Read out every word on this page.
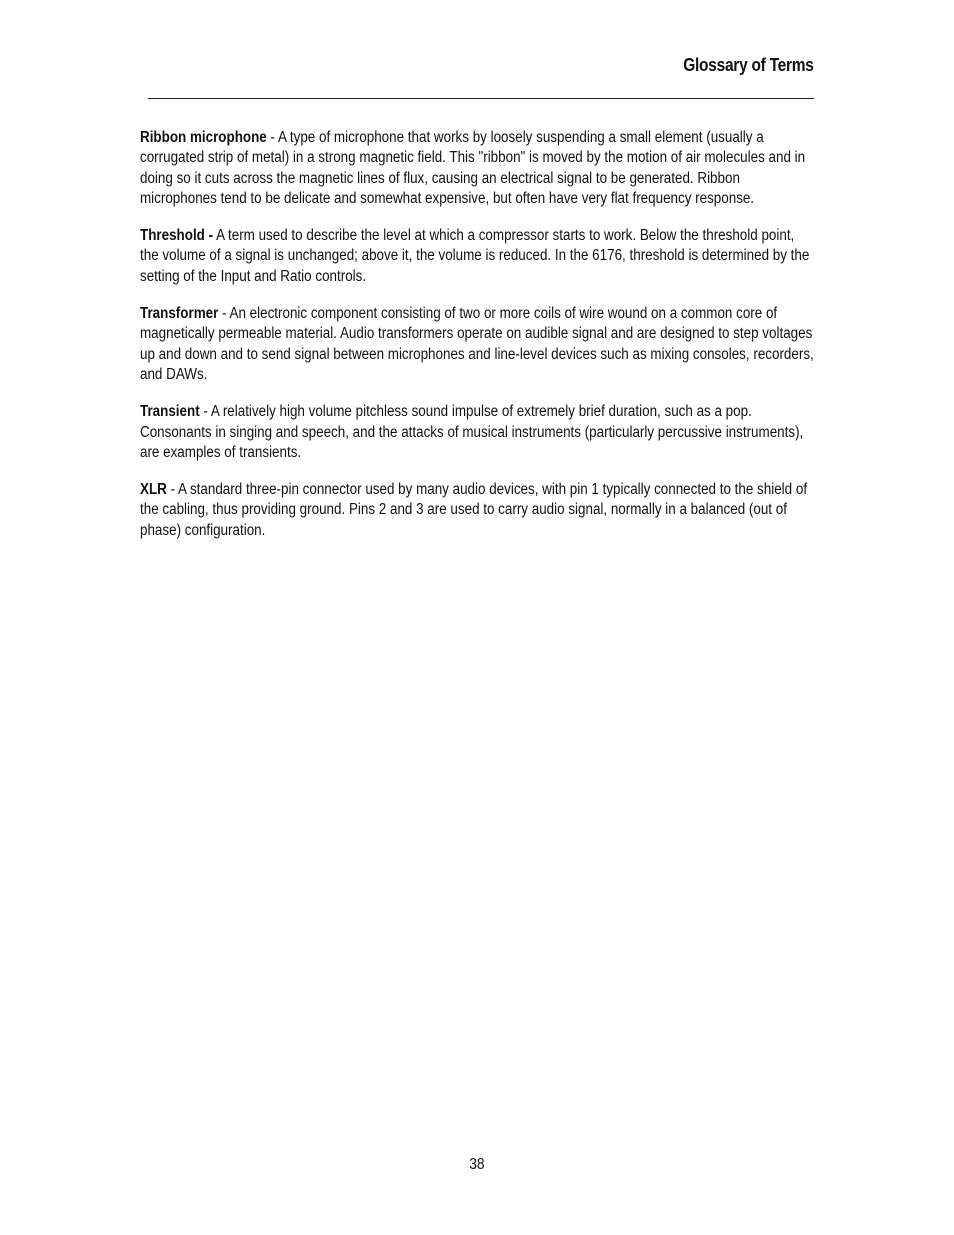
Glossary of Terms

Ribbon microphone - A type of microphone that works by loosely suspending a small element (usually a corrugated strip of metal) in a strong magnetic field. This "ribbon" is moved by the motion of air molecules and in doing so it cuts across the magnetic lines of flux, causing an electrical signal to be generated. Ribbon microphones tend to be delicate and somewhat expensive, but often have very flat frequency response.

Threshold - A term used to describe the level at which a compressor starts to work. Below the threshold point, the volume of a signal is unchanged; above it, the volume is reduced. In the 6176, threshold is determined by the setting of the Input and Ratio controls.

Transformer - An electronic component consisting of two or more coils of wire wound on a common core of magnetically permeable material. Audio transformers operate on audible signal and are designed to step voltages up and down and to send signal between microphones and line-level devices such as mixing consoles, recorders, and DAWs.

Transient - A relatively high volume pitchless sound impulse of extremely brief duration, such as a pop. Consonants in singing and speech, and the attacks of musical instruments (particularly percussive instruments), are examples of transients.

XLR - A standard three-pin connector used by many audio devices, with pin 1 typically connected to the shield of the cabling, thus providing ground. Pins 2 and 3 are used to carry audio signal, normally in a balanced (out of phase) configuration.

38
